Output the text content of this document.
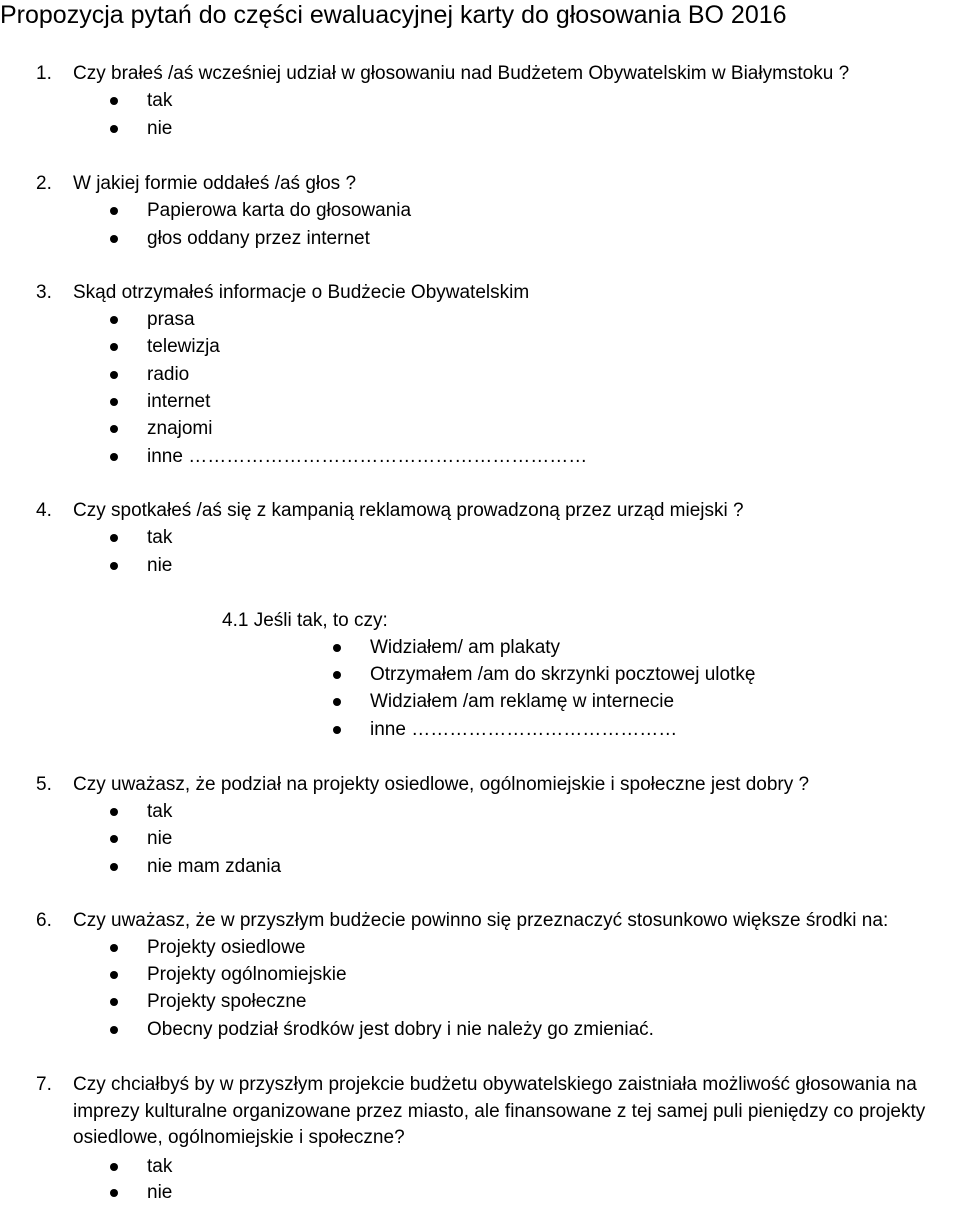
Propozycja pytań do części ewaluacyjnej karty do głosowania BO 2016
1. Czy brałeś /aś wcześniej udział w głosowaniu nad Budżetem Obywatelskim w Białymstoku ?
tak
nie
2. W jakiej formie oddałeś /aś głos ?
Papierowa karta do głosowania
głos oddany przez internet
3. Skąd otrzymałeś informacje o Budżecie Obywatelskim
prasa
telewizja
radio
internet
znajomi
inne ………………………………………………………
4. Czy spotkałeś /aś się z kampanią reklamową prowadzoną przez urząd miejski ?
tak
nie
4.1 Jeśli tak, to czy:
Widziałem/ am plakaty
Otrzymałem /am do skrzynki pocztowej ulotkę
Widziałem /am reklamę w internecie
inne ……………………………………
5. Czy uważasz, że podział na projekty osiedlowe, ogólnomiejskie i społeczne jest dobry ?
tak
nie
nie mam zdania
6. Czy uważasz, że w przyszłym budżecie powinno się przeznaczyć stosunkowo większe środki na:
Projekty osiedlowe
Projekty ogólnomiejskie
Projekty społeczne
Obecny podział środków jest dobry i nie należy go zmieniać.
7. Czy chciałbyś by w przyszłym projekcie budżetu obywatelskiego zaistniała możliwość głosowania na imprezy kulturalne organizowane przez miasto, ale finansowane z tej samej puli pieniędzy co projekty osiedlowe, ogólnomiejskie i społeczne?
tak
nie
